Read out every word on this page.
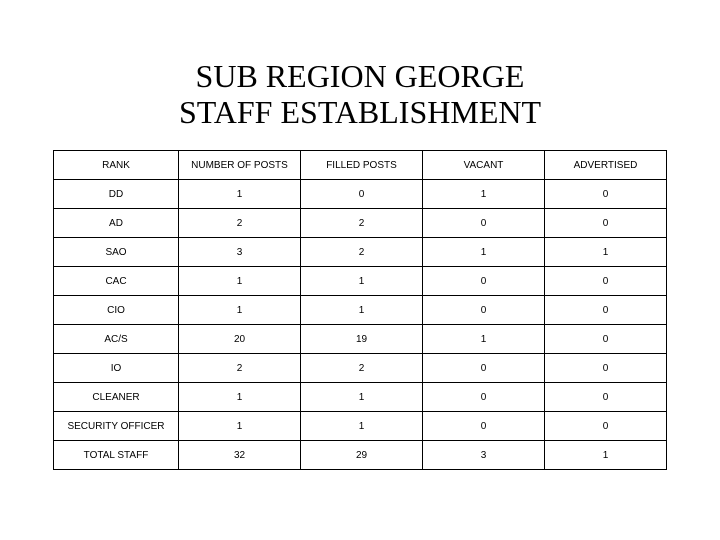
SUB REGION GEORGE
STAFF ESTABLISHMENT
RANK	NUMBER OF POSTS	FILLED POSTS	VACANT	ADVERTISED
DD	1	0	1	0
AD	2	2	0	0
SAO	3	2	1	1
CAC	1	1	0	0
CIO	1	1	0	0
AC/S	20	19	1	0
IO	2	2	0	0
CLEANER	1	1	0	0
SECURITY OFFICER	1	1	0	0
TOTAL STAFF	32	29	3	1
